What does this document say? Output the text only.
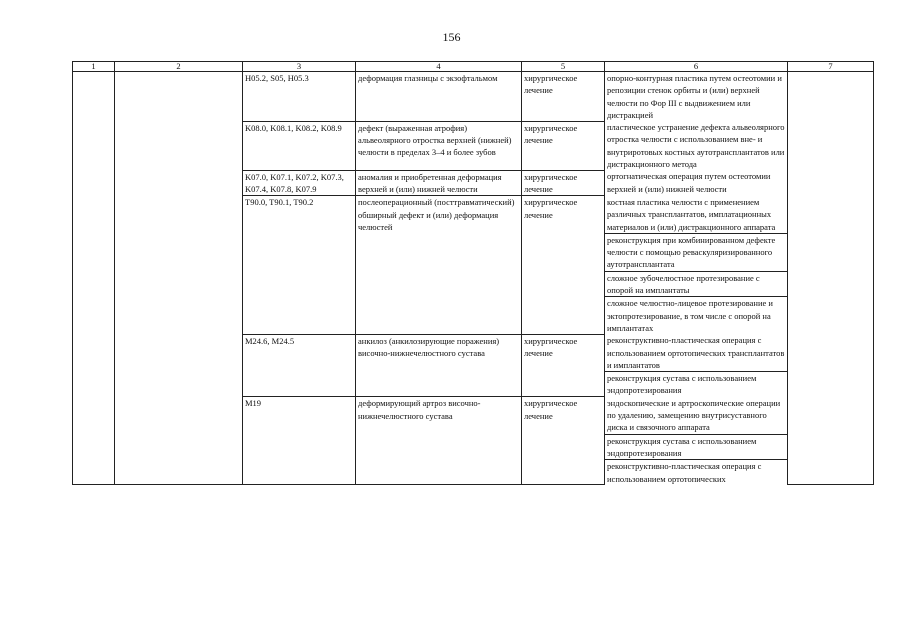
156
1	2	3	4	5	6	7
		H05.2, S05, H05.3	деформация глазницы с экзофтальмом	хирургическое лечение	опорно-контурная пластика путем остеотомии и репозиции стенок орбиты и (или) верхней челюсти по Фор III с выдвижением или дистракцией	

		K08.0, K08.1, K08.2, K08.9	дефект (выраженная атрофия) альвеолярного отростка верхней (нижней) челюсти в пределах 3–4 и более зубов	хирургическое лечение	пластическое устранение дефекта альвеолярного отростка челюсти с использованием вне- и внутриротовых костных аутотрансплантатов или дистракционного метода	

		K07.0, K07.1, K07.2, K07.3, K07.4, K07.8, K07.9	аномалия и приобретенная деформация верхней и (или) нижней челюсти	хирургическое лечение	ортогнатическая операция путем остеотомии верхней и (или) нижней челюсти	

		T90.0, T90.1, T90.2	послеоперационный (посттравматический) обширный дефект и (или) деформация челюстей	хирургическое лечение	костная пластика челюсти с применением различных трансплантатов, имплатационных материалов и (или) дистракционного аппарата
реконструкция при комбинированном дефекте челюсти с помощью реваскуляризированного аутотрансплантата
сложное зубочелюстное протезирование с опорой на имплантаты
сложное челюстно-лицевое протезирование и эктопротезирование, в том числе с опорой на имплантатах	

		M24.6, M24.5	анкилоз (анкилозирующие поражения) височно-нижнечелюстного сустава	хирургическое лечение	реконструктивно-пластическая операция с использованием ортотопических трансплантатов и имплантатов
реконструкция сустава с использованием эндопротезирования	

		M19	деформирующий артроз височно-нижнечелюстного сустава	хирургическое лечение	эндоскопические и артроскопические операции по удалению, замещению внутрисуставного диска и связочного аппарата
реконструкция сустава с использованием эндопротезирования
реконструктивно-пластическая операция с использованием ортотопических	
